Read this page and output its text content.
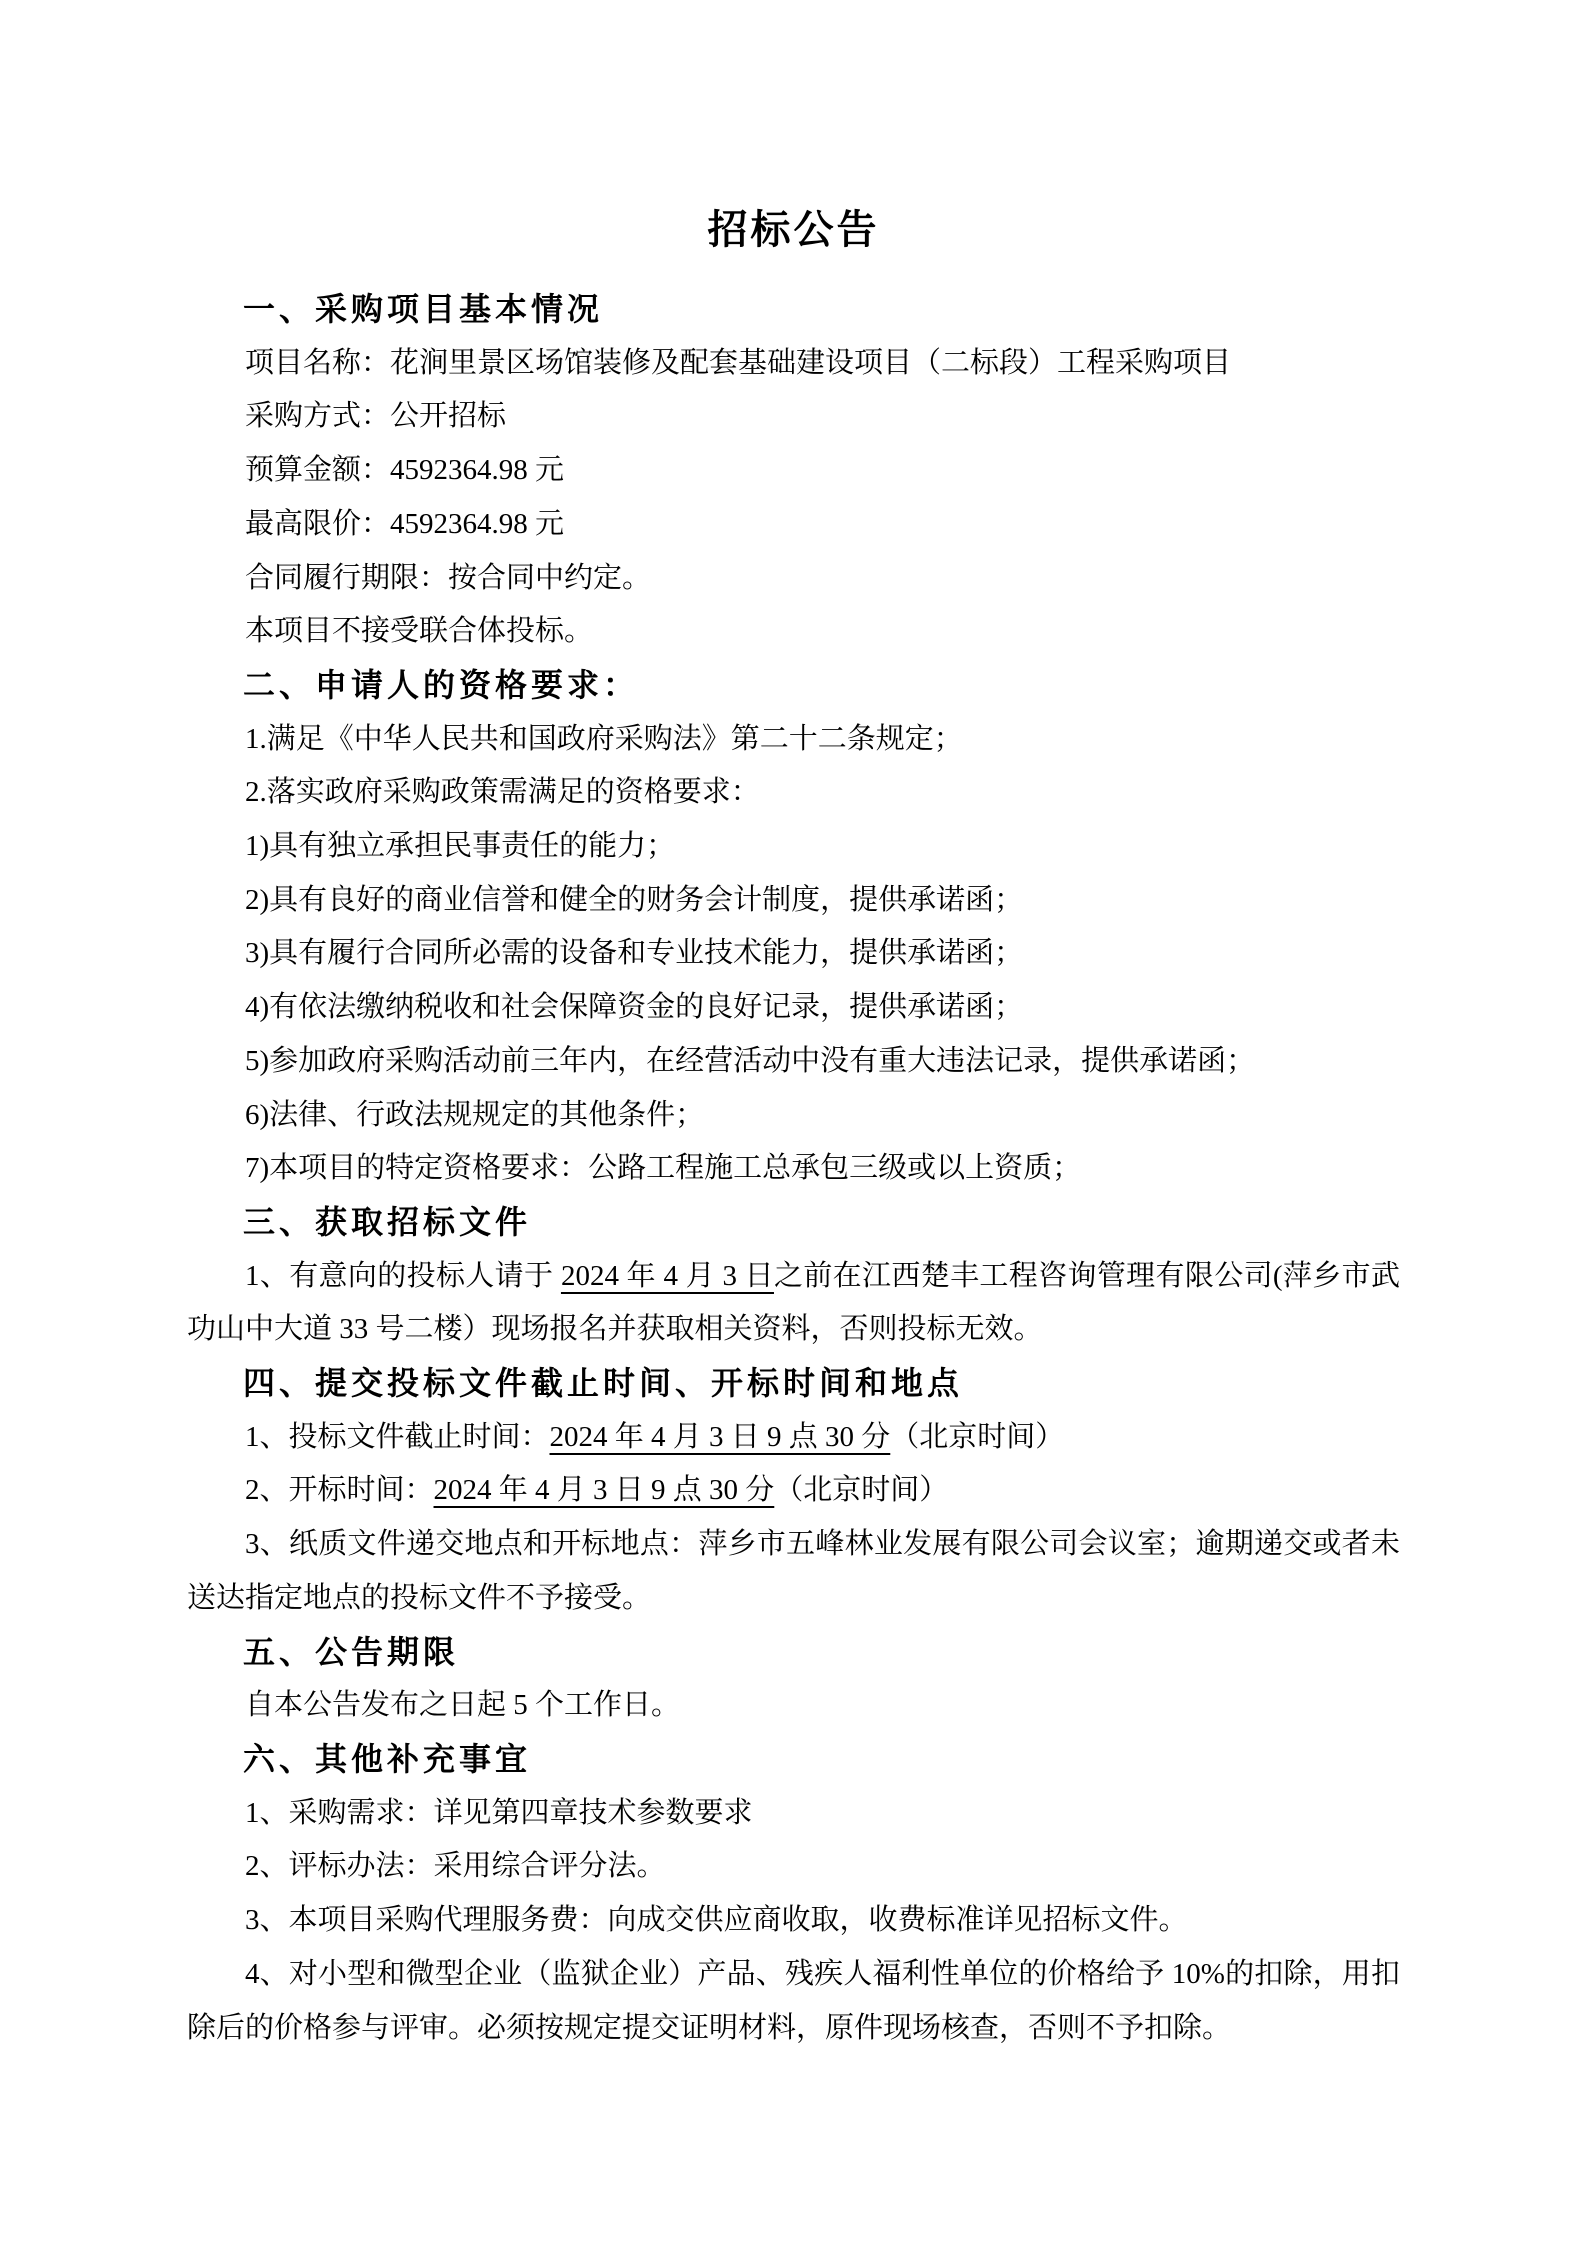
招标公告
一、采购项目基本情况

项目名称：花涧里景区场馆装修及配套基础建设项目（二标段）工程采购项目

采购方式：公开招标

预算金额：4592364.98 元

最高限价：4592364.98 元

合同履行期限：按合同中约定。

本项目不接受联合体投标。

二、申请人的资格要求：

1.满足《中华人民共和国政府采购法》第二十二条规定；

2.落实政府采购政策需满足的资格要求：

1)具有独立承担民事责任的能力；

2)具有良好的商业信誉和健全的财务会计制度，提供承诺函；

3)具有履行合同所必需的设备和专业技术能力，提供承诺函；

4)有依法缴纳税收和社会保障资金的良好记录，提供承诺函；

5)参加政府采购活动前三年内，在经营活动中没有重大违法记录，提供承诺函；

6)法律、行政法规规定的其他条件；

7)本项目的特定资格要求：公路工程施工总承包三级或以上资质；

三、获取招标文件

1、有意向的投标人请于 2024 年 4 月 3 日之前在江西楚丰工程咨询管理有限公司(萍乡市武功山中大道 33 号二楼）现场报名并获取相关资料，否则投标无效。

四、提交投标文件截止时间、开标时间和地点

1、投标文件截止时间：2024 年 4 月 3 日 9 点 30 分（北京时间）

2、开标时间：2024 年 4 月 3 日 9 点 30 分（北京时间）

3、纸质文件递交地点和开标地点：萍乡市五峰林业发展有限公司会议室；逾期递交或者未送达指定地点的投标文件不予接受。

五、公告期限

自本公告发布之日起 5 个工作日。

六、其他补充事宜

1、采购需求：详见第四章技术参数要求

2、评标办法：采用综合评分法。

3、本项目采购代理服务费：向成交供应商收取，收费标准详见招标文件。

4、对小型和微型企业（监狱企业）产品、残疾人福利性单位的价格给予 10%的扣除，用扣除后的价格参与评审。必须按规定提交证明材料，原件现场核查，否则不予扣除。
